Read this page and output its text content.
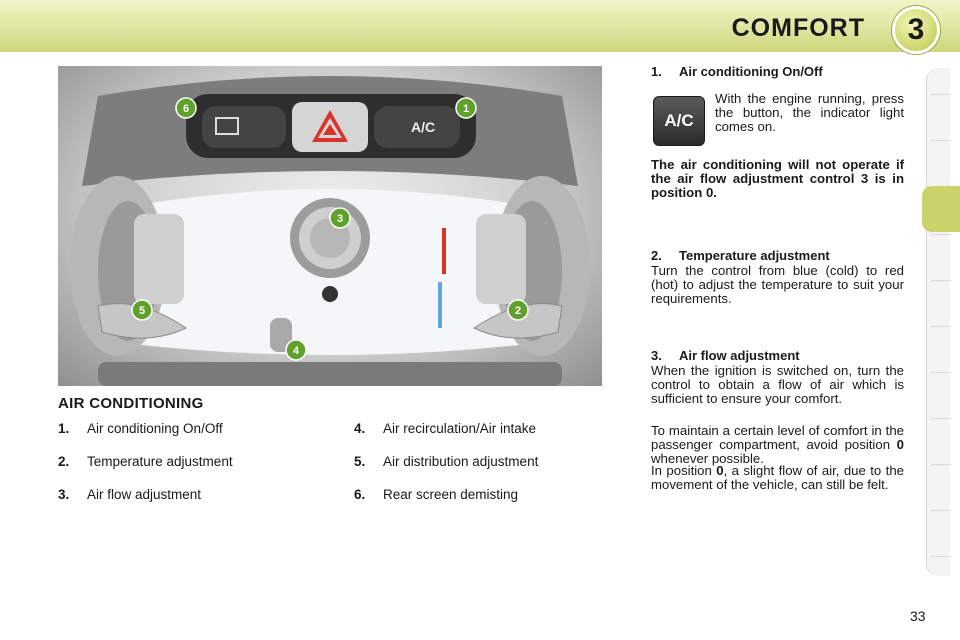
COMFORT	3
A/C
6	1
3
5	2
4
1. Air conditioning On/Off
A/C
With the engine running, press the button, the indicator light comes on.
The air conditioning will not operate if the air flow adjustment control 3 is in position 0.
2. Temperature adjustment
Turn the control from blue (cold) to red (hot) to adjust the temperature to suit your requirements.
3. Air flow adjustment
When the ignition is switched on, turn the control to obtain a flow of air which is sufficient to ensure your comfort.
To maintain a certain level of comfort in the passenger compartment, avoid position 0 whenever possible.
In position 0, a slight flow of air, due to the movement of the vehicle, can still be felt.
AIR CONDITIONING
1. Air conditioning On/Off
2. Temperature adjustment
3. Air flow adjustment
4. Air recirculation/Air intake
5. Air distribution adjustment
6. Rear screen demisting
33
